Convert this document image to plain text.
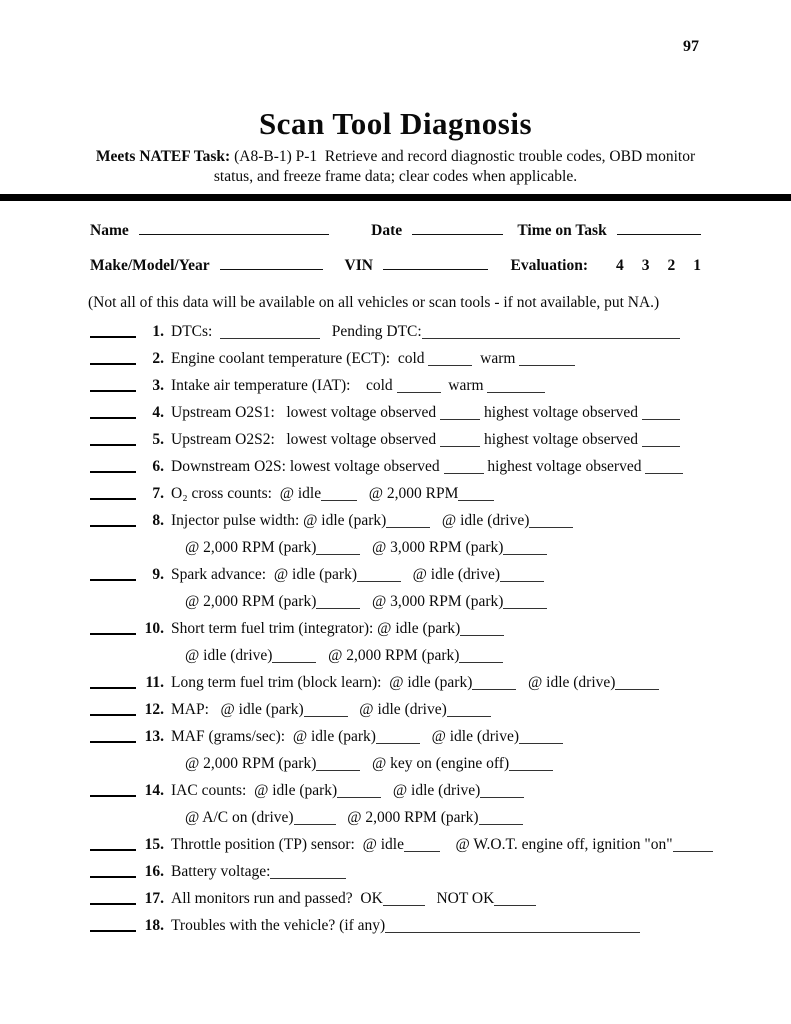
97
Scan Tool Diagnosis
Meets NATEF Task: (A8-B-1) P-1  Retrieve and record diagnostic trouble codes, OBD monitor
status, and freeze frame data; clear codes when applicable.
Name	Date	Time on Task
Make/Model/Year	VIN	Evaluation:	4 3 2 1
(Not all of this data will be available on all vehicles or scan tools - if not available, put NA.)
1. DTCs:	Pending DTC:
2. Engine coolant temperature (ECT):  cold	warm
3. Intake air temperature (IAT):    cold	warm
4. Upstream O2S1:   lowest voltage observed	highest voltage observed
5. Upstream O2S2:   lowest voltage observed	highest voltage observed
6. Downstream O2S: lowest voltage observed	highest voltage observed
7. O₂ cross counts:  @ idle   @ 2,000 RPM
8. Injector pulse width: @ idle (park)	@ idle (drive)
@ 2,000 RPM (park)	@ 3,000 RPM (park)
9. Spark advance:  @ idle (park)	@ idle (drive)
@ 2,000 RPM (park)	@ 3,000 RPM (park)
10. Short term fuel trim (integrator): @ idle (park)
@ idle (drive)	@ 2,000 RPM (park)
11. Long term fuel trim (block learn):  @ idle (park)	@ idle (drive)
12. MAP:   @ idle (park)	@ idle (drive)
13. MAF (grams/sec):  @ idle (park)	@ idle (drive)
@ 2,000 RPM (park)	@ key on (engine off)
14. IAC counts:  @ idle (park)	@ idle (drive)
@ A/C on (drive)	@ 2,000 RPM (park)
15. Throttle position (TP) sensor:  @ idle    @ W.O.T. engine off, ignition "on"
16. Battery voltage:
17. All monitors run and passed?  OK	NOT OK
18. Troubles with the vehicle? (if any)
